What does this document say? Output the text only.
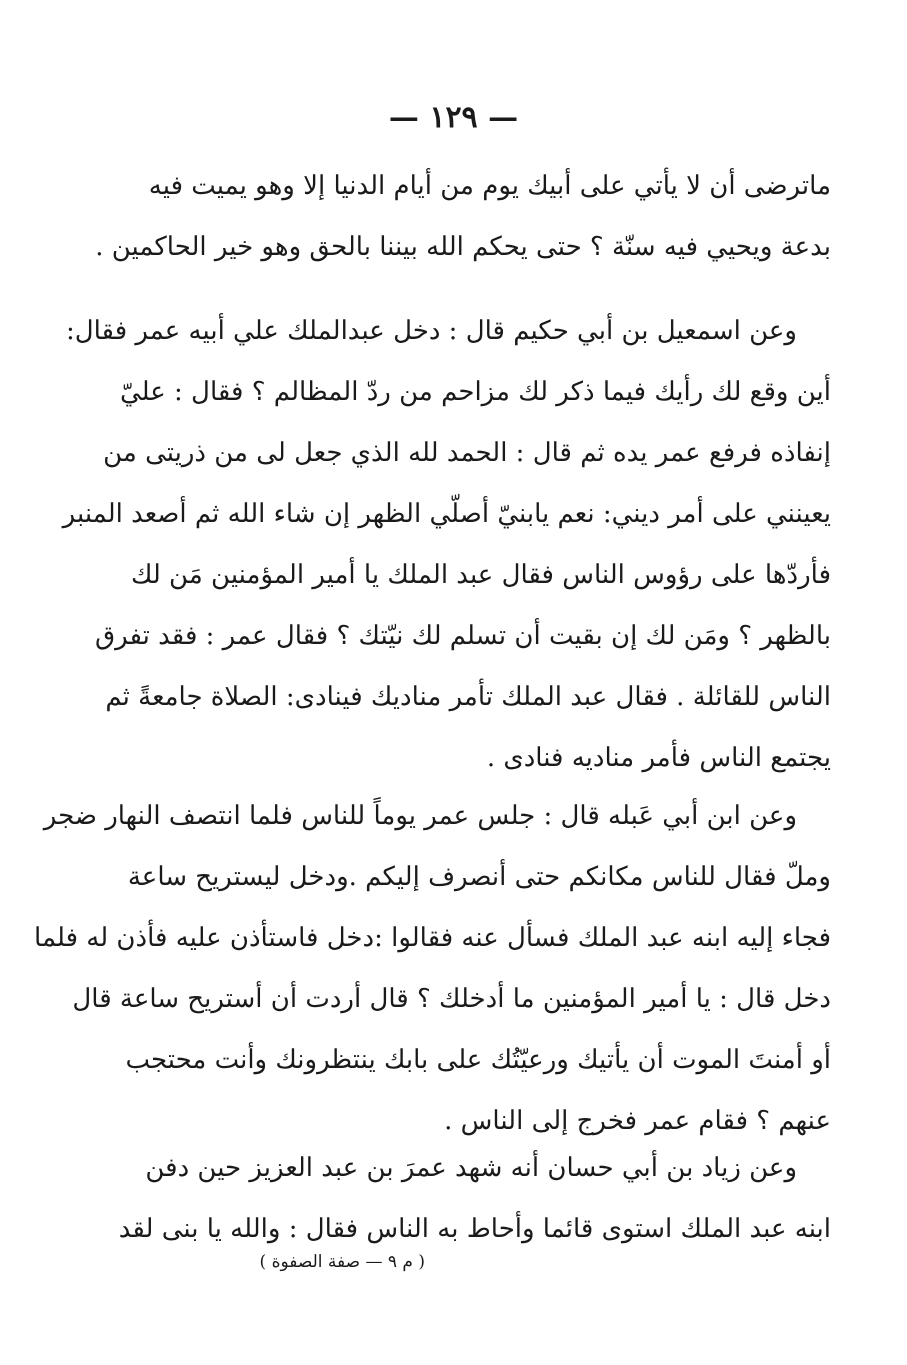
— ١٢٩ —
ماترضى أن لا يأتي على أبيك يوم من أيام الدنيا إلا وهو يميت فيه
بدعة ويحيي فيه سنّة ؟ حتى يحكم الله بيننا بالحق وهو خير الحاكمين .
وعن اسمعيل بن أبي حكيم قال : دخل عبدالملك علي أبيه عمر فقال:
أين وقع لك رأيك فيما ذكر لك مزاحم من ردّ المظالم ؟ فقال : عليّ
إنفاذه فرفع عمر يده ثم قال : الحمد لله الذي جعل لى من ذريتى من
يعينني على أمر ديني: نعم يابنيّ أصلّي الظهر إن شاء الله ثم أصعد المنبر
فأردّها على رؤوس الناس فقال عبد الملك يا أمير المؤمنين مَن لك
بالظهر ؟ ومَن لك إن بقيت أن تسلم لك نيّتك ؟ فقال عمر : فقد تفرق
الناس للقائلة . فقال عبد الملك تأمر مناديك فينادى: الصلاة جامعةً ثم
يجتمع الناس فأمر مناديه فنادى .
وعن ابن أبي عَبله قال : جلس عمر يوماً للناس فلما انتصف النهار ضجر
وملّ فقال للناس مكانكم حتى أنصرف إليكم .ودخل ليستريح ساعة
فجاء إليه ابنه عبد الملك فسأل عنه فقالوا :دخل فاستأذن عليه فأذن له فلما
دخل قال : يا أمير المؤمنين ما أدخلك ؟ قال أردت أن أستريح ساعة قال
أو أمنتَ الموت أن يأتيك ورعيّتُك على بابك ينتظرونك وأنت محتجب
عنهم ؟ فقام عمر فخرج إلى الناس .
وعن زياد بن أبي حسان أنه شهد عمرَ بن عبد العزيز حين دفن
ابنه عبد الملك استوى قائما وأحاط به الناس فقال : والله يا بنى لقد
( م ٩ — صفة الصفوة )
